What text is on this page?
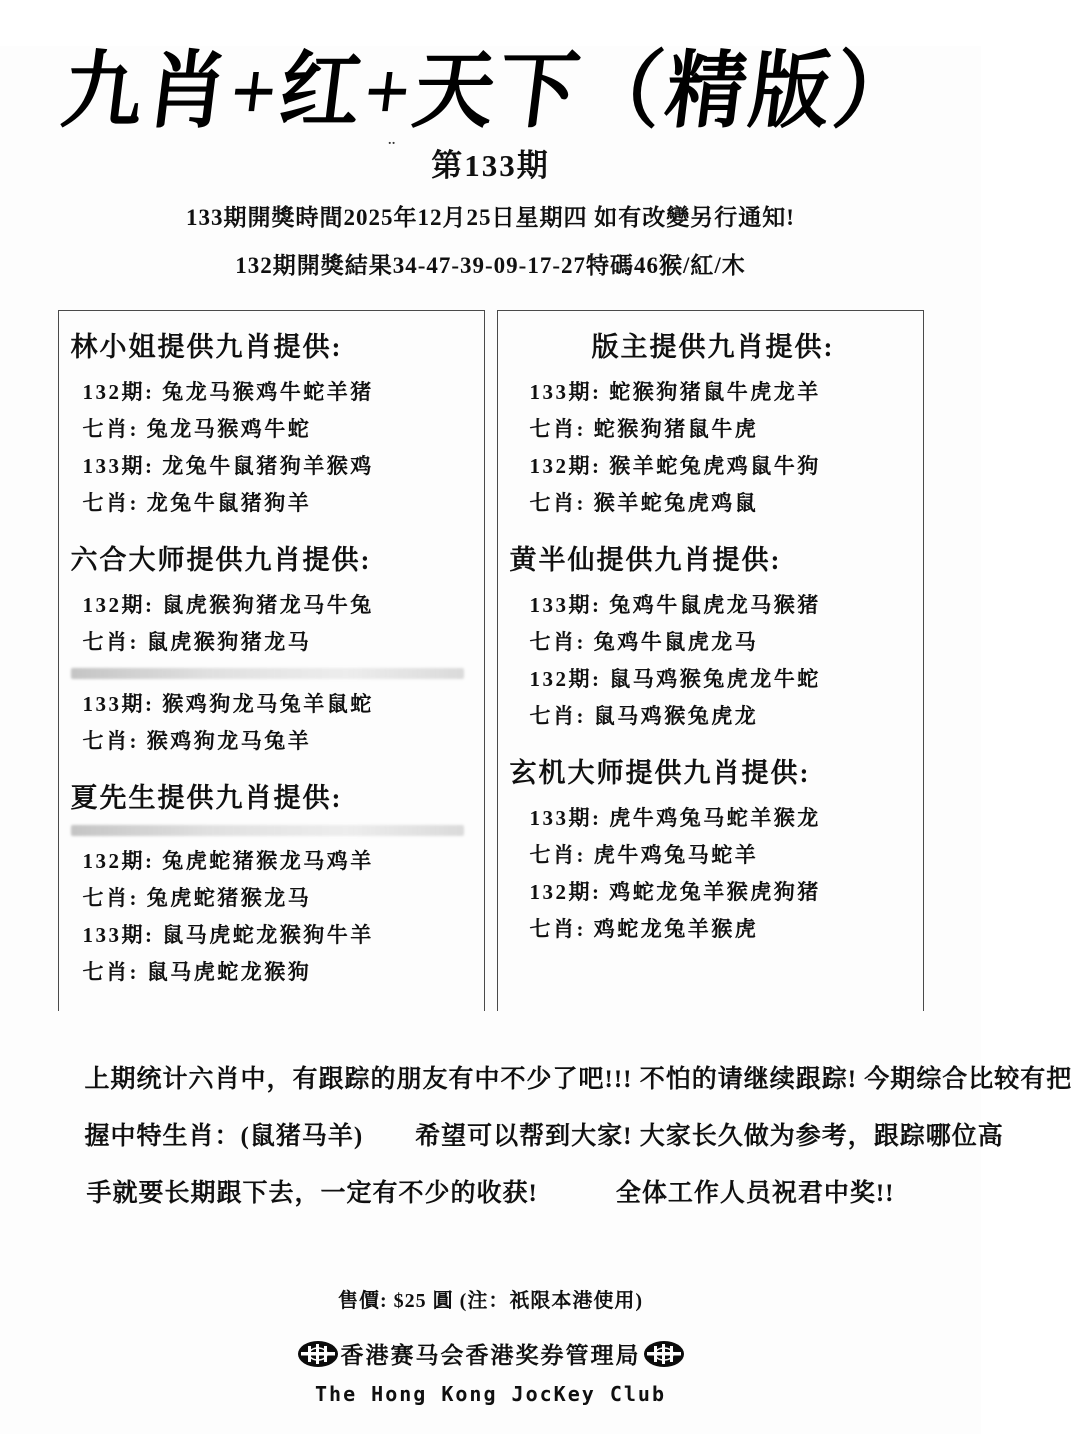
九肖+红+天下（精版）
¨ 第133期
133期開獎時間2025年12月25日星期四 如有改變另行通知!
132期開獎結果34-47-39-09-17-27特碼46猴/紅/木
林小姐提供九肖提供:
132期: 兔龙马猴鸡牛蛇羊猪
七肖: 兔龙马猴鸡牛蛇
133期: 龙兔牛鼠猪狗羊猴鸡
七肖: 龙兔牛鼠猪狗羊
六合大师提供九肖提供:
132期: 鼠虎猴狗猪龙马牛兔
七肖: 鼠虎猴狗猪龙马
133期: 猴鸡狗龙马兔羊鼠蛇
七肖: 猴鸡狗龙马兔羊
夏先生提供九肖提供:
132期: 兔虎蛇猪猴龙马鸡羊
七肖: 兔虎蛇猪猴龙马
133期: 鼠马虎蛇龙猴狗牛羊
七肖: 鼠马虎蛇龙猴狗
版主提供九肖提供:
133期: 蛇猴狗猪鼠牛虎龙羊
七肖: 蛇猴狗猪鼠牛虎
132期: 猴羊蛇兔虎鸡鼠牛狗
七肖: 猴羊蛇兔虎鸡鼠
黄半仙提供九肖提供:
133期: 兔鸡牛鼠虎龙马猴猪
七肖: 兔鸡牛鼠虎龙马
132期: 鼠马鸡猴兔虎龙牛蛇
七肖: 鼠马鸡猴兔虎龙
玄机大师提供九肖提供:
133期: 虎牛鸡兔马蛇羊猴龙
七肖: 虎牛鸡兔马蛇羊
132期: 鸡蛇龙兔羊猴虎狗猪
七肖: 鸡蛇龙兔羊猴虎
上期统计六肖中，有跟踪的朋友有中不少了吧!!! 不怕的请继续跟踪! 今期综合比较有把
握中特生肖：(鼠猪马羊)　　希望可以帮到大家! 大家长久做为参考，跟踪哪位高
手就要长期跟下去，一定有不少的收获!　　　全体工作人员祝君中奖!!
售價: $25 圓 (注：祇限本港使用)
香港赛马会香港奖券管理局
The Hong Kong JocKey Club
